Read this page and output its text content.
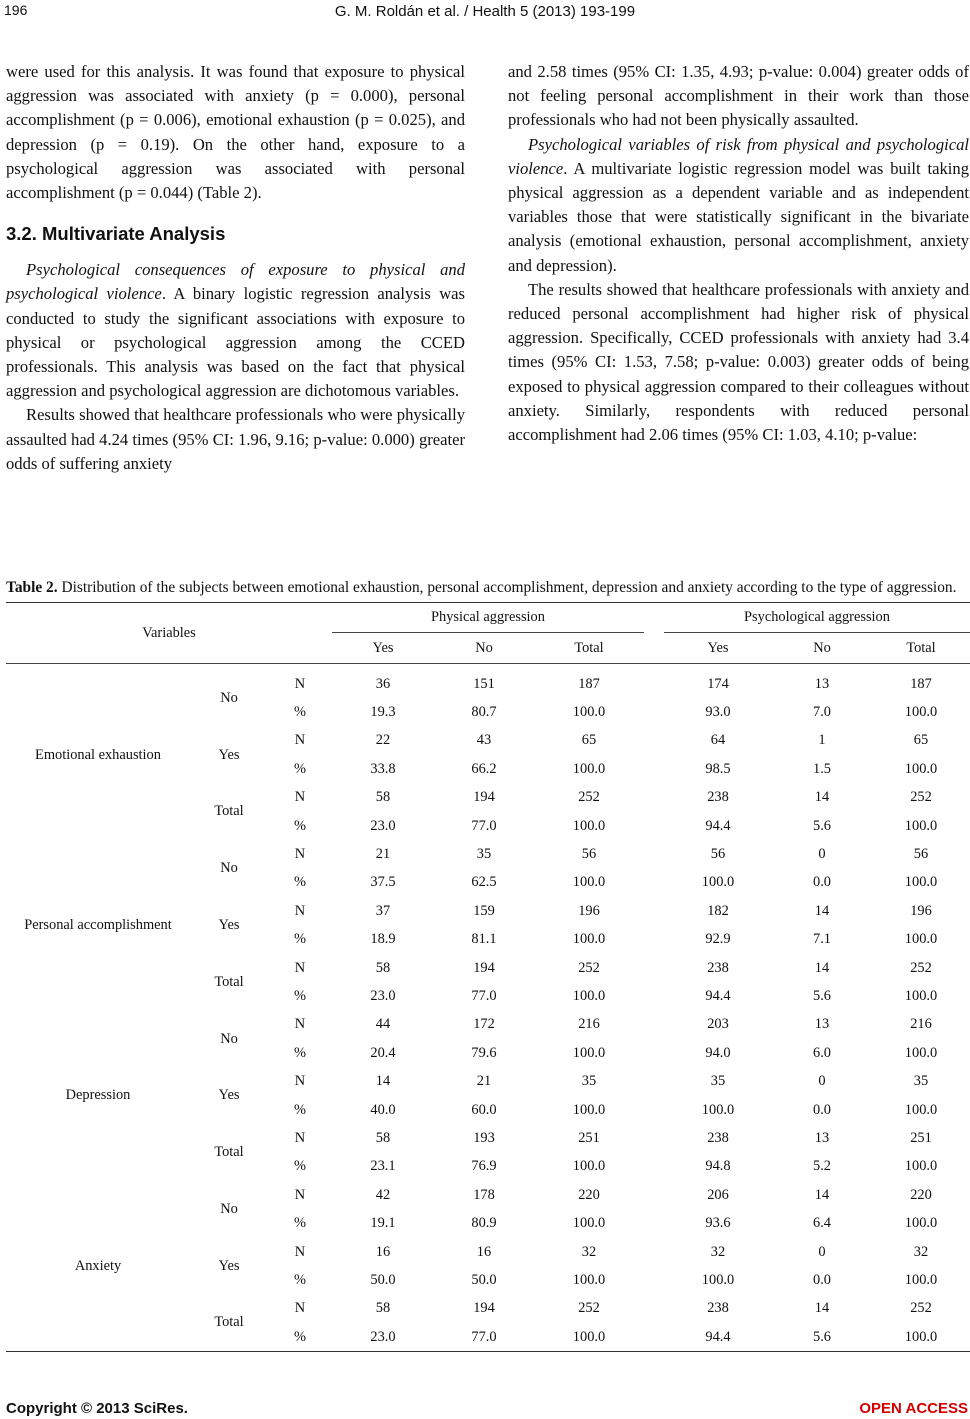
196	G. M. Roldán et al. / Health 5 (2013) 193-199

were used for this analysis. It was found that exposure to physical aggression was associated with anxiety (p = 0.000), personal accomplishment (p = 0.006), emotional exhaustion (p = 0.025), and depression (p = 0.19). On the other hand, exposure to a psychological aggression was associated with personal accomplishment (p = 0.044) (Table 2).

3.2. Multivariate Analysis

Psychological consequences of exposure to physical and psychological violence. A binary logistic regression analysis was conducted to study the significant associations with exposure to physical or psychological aggression among the CCED professionals. This analysis was based on the fact that physical aggression and psychological aggression are dichotomous variables.

Results showed that healthcare professionals who were physically assaulted had 4.24 times (95% CI: 1.96, 9.16; p-value: 0.000) greater odds of suffering anxiety

and 2.58 times (95% CI: 1.35, 4.93; p-value: 0.004) greater odds of not feeling personal accomplishment in their work than those professionals who had not been physically assaulted.

Psychological variables of risk from physical and psychological violence. A multivariate logistic regression model was built taking physical aggression as a dependent variable and as independent variables those that were statistically significant in the bivariate analysis (emotional exhaustion, personal accomplishment, anxiety and depression).

The results showed that healthcare professionals with anxiety and reduced personal accomplishment had higher risk of physical aggression. Specifically, CCED professionals with anxiety had 3.4 times (95% CI: 1.53, 7.58; p-value: 0.003) greater odds of being exposed to physical aggression compared to their colleagues without anxiety. Similarly, respondents with reduced personal accomplishment had 2.06 times (95% CI: 1.03, 4.10; p-value:

Table 2. Distribution of the subjects between emotional exhaustion, personal accomplishment, depression and anxiety according to the type of aggression.
Variables			Physical aggression				Psychological aggression		
			Yes	No	Total		Yes	No	Total

Emotional exhaustion	No	N	36	151	187		174	13	187
		%	19.3	80.7	100.0		93.0	7.0	100.0
	Yes	N	22	43	65		64	1	65
		%	33.8	66.2	100.0		98.5	1.5	100.0
	Total	N	58	194	252		238	14	252
		%	23.0	77.0	100.0		94.4	5.6	100.0
Personal accomplishment	No	N	21	35	56		56	0	56
		%	37.5	62.5	100.0		100.0	0.0	100.0
	Yes	N	37	159	196		182	14	196
		%	18.9	81.1	100.0		92.9	7.1	100.0
	Total	N	58	194	252		238	14	252
		%	23.0	77.0	100.0		94.4	5.6	100.0
Depression	No	N	44	172	216		203	13	216
		%	20.4	79.6	100.0		94.0	6.0	100.0
	Yes	N	14	21	35		35	0	35
		%	40.0	60.0	100.0		100.0	0.0	100.0
	Total	N	58	193	251		238	13	251
		%	23.1	76.9	100.0		94.8	5.2	100.0
Anxiety	No	N	42	178	220		206	14	220
		%	19.1	80.9	100.0		93.6	6.4	100.0
	Yes	N	16	16	32		32	0	32
		%	50.0	50.0	100.0		100.0	0.0	100.0
	Total	N	58	194	252		238	14	252
		%	23.0	77.0	100.0		94.4	5.6	100.0
Copyright © 2013 SciRes.	OPEN ACCESS
